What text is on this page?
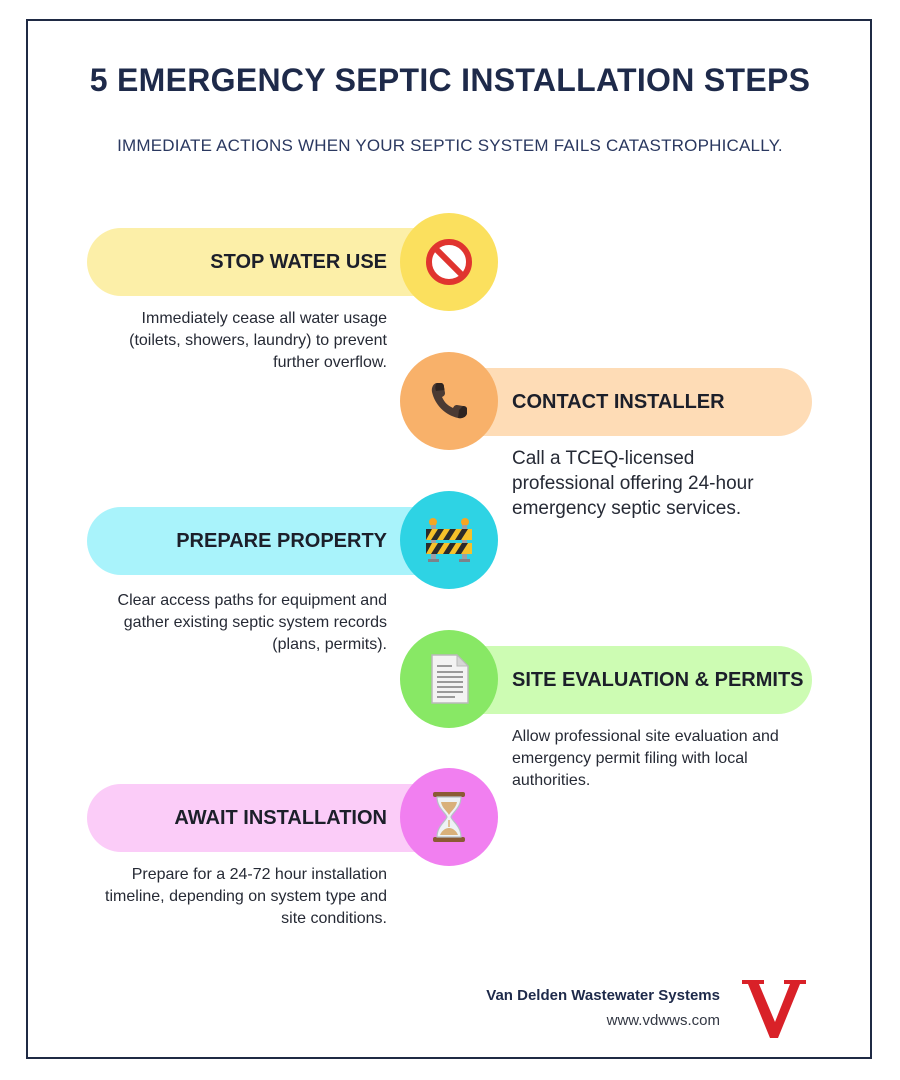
5 EMERGENCY SEPTIC INSTALLATION STEPS
IMMEDIATE ACTIONS WHEN YOUR SEPTIC SYSTEM FAILS CATASTROPHICALLY.
STOP WATER USE
Immediately cease all water usage (toilets, showers, laundry) to prevent further overflow.
CONTACT INSTALLER
Call a TCEQ-licensed professional offering 24-hour emergency septic services.
PREPARE PROPERTY
Clear access paths for equipment and gather existing septic system records (plans, permits).
SITE EVALUATION & PERMITS
Allow professional site evaluation and emergency permit filing with local authorities.
AWAIT INSTALLATION
Prepare for a 24-72 hour installation timeline, depending on system type and site conditions.
Van Delden Wastewater Systems
www.vdwws.com
